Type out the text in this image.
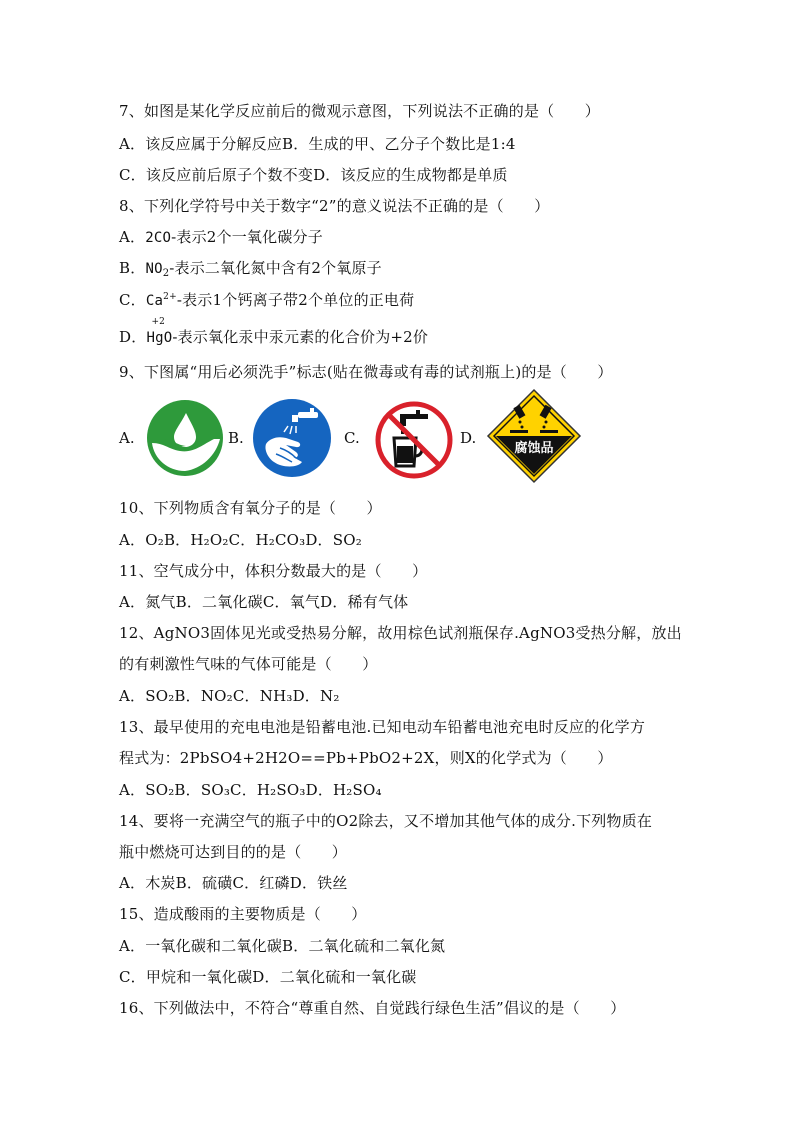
7、如图是某化学反应前后的微观示意图，下列说法不正确的是（　　）
A．该反应属于分解反应B．生成的甲、乙分子个数比是1:4
C．该反应前后原子个数不变D．该反应的生成物都是单质
8、下列化学符号中关于数字“2”的意义说法不正确的是（　　）
A．2CO-表示2个一氧化碳分子
B．$NO_2-$表示二氧化氮中含有2个氧原子
C．$Ca^{2+}-$表示1个钙离子带2个单位的正电荷
D．
+2
HgO-表示氧化汞中汞元素的化合价为+2价
9、下图属“用后必须洗手”标志(贴在微毒或有毒的试剂瓶上)的是（　　）
A.	B.	C.	D.
腐蚀品
10、下列物质含有氧分子的是（　　）
A．O₂B．H₂O₂C．H₂CO₃D．SO₂
11、空气成分中，体积分数最大的是（　　）
A．氮气B．二氧化碳C．氧气D．稀有气体
12、AgNO3固体见光或受热易分解，故用棕色试剂瓶保存.AgNO3受热分解，放出
的有刺激性气味的气体可能是（　　）
A．SO₂B．NO₂C．NH₃D．N₂
13、最早使用的充电电池是铅蓄电池.已知电动车铅蓄电池充电时反应的化学方
程式为：2PbSO4+2H2O==Pb+PbO2+2X，则X的化学式为（　　）
A．SO₂B．SO₃C．H₂SO₃D．H₂SO₄
14、要将一充满空气的瓶子中的O2除去，又不增加其他气体的成分.下列物质在
瓶中燃烧可达到目的的是（　　）
A．木炭B．硫磺C．红磷D．铁丝
15、造成酸雨的主要物质是（　　）
A．一氧化碳和二氧化碳B．二氧化硫和二氧化氮
C．甲烷和一氧化碳D．二氧化硫和一氧化碳
16、下列做法中，不符合“尊重自然、自觉践行绿色生活”倡议的是（　　）
